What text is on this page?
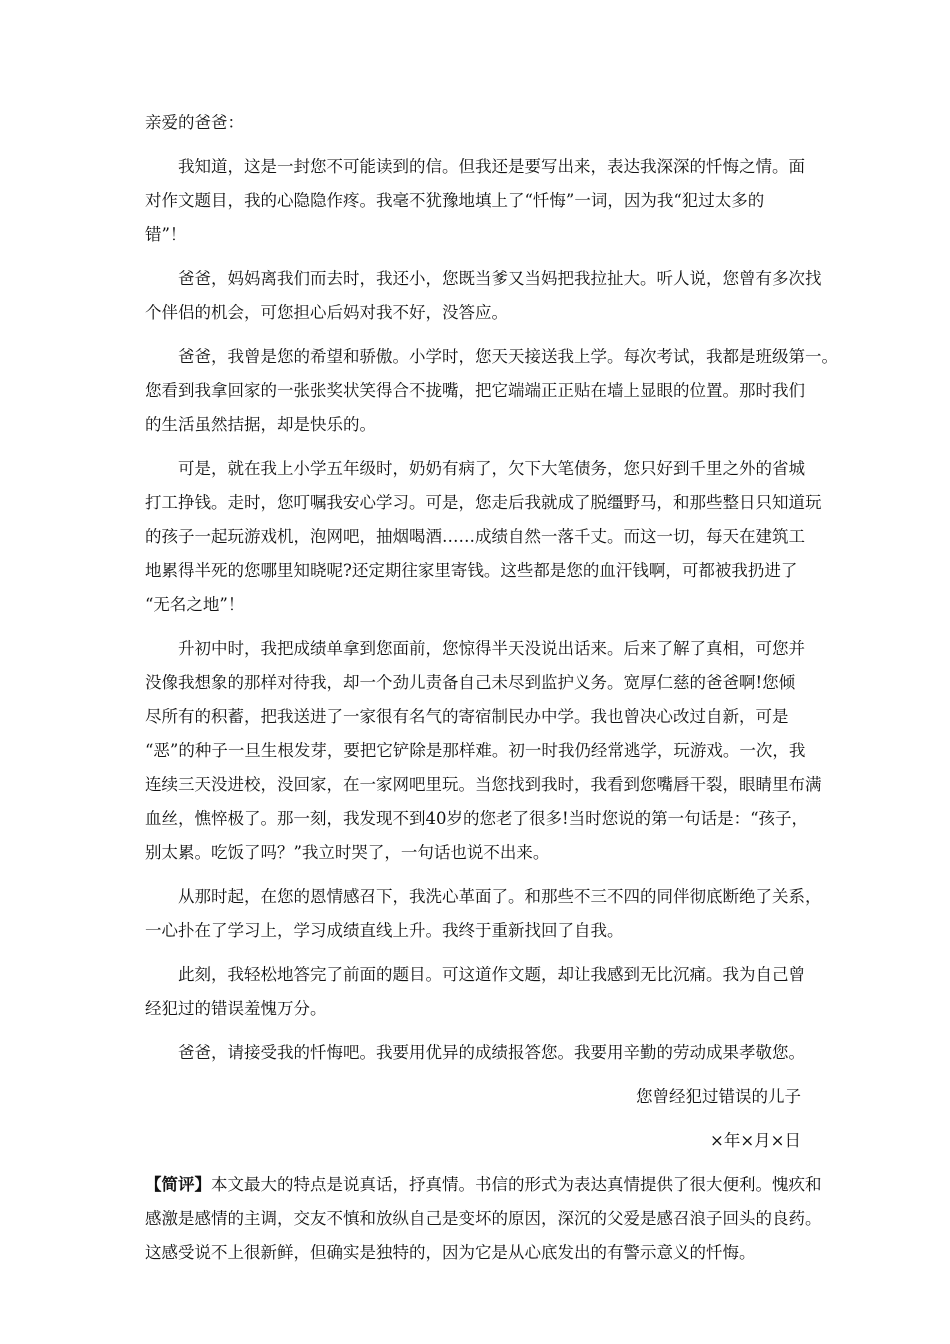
亲爱的爸爸：
　　我知道，这是一封您不可能读到的信。但我还是要写出来，表达我深深的忏悔之情。面
对作文题目，我的心隐隐作疼。我毫不犹豫地填上了“忏悔”一词，因为我“犯过太多的
错”！
　　爸爸，妈妈离我们而去时，我还小，您既当爹又当妈把我拉扯大。听人说，您曾有多次找
个伴侣的机会，可您担心后妈对我不好，没答应。
　　爸爸，我曾是您的希望和骄傲。小学时，您天天接送我上学。每次考试，我都是班级第一。
您看到我拿回家的一张张奖状笑得合不拢嘴，把它端端正正贴在墙上显眼的位置。那时我们
的生活虽然拮据，却是快乐的。
　　可是，就在我上小学五年级时，奶奶有病了，欠下大笔债务，您只好到千里之外的省城
打工挣钱。走时，您叮嘱我安心学习。可是，您走后我就成了脱缰野马，和那些整日只知道玩
的孩子一起玩游戏机，泡网吧，抽烟喝酒……成绩自然一落千丈。而这一切，每天在建筑工
地累得半死的您哪里知晓呢?还定期往家里寄钱。这些都是您的血汗钱啊，可都被我扔进了
“无名之地”！
　　升初中时，我把成绩单拿到您面前，您惊得半天没说出话来。后来了解了真相，可您并
没像我想象的那样对待我，却一个劲儿责备自己未尽到监护义务。宽厚仁慈的爸爸啊!您倾
尽所有的积蓄，把我送进了一家很有名气的寄宿制民办中学。我也曾决心改过自新，可是
“恶”的种子一旦生根发芽，要把它铲除是那样难。初一时我仍经常逃学，玩游戏。一次，我
连续三天没进校，没回家，在一家网吧里玩。当您找到我时，我看到您嘴唇干裂，眼睛里布满
血丝，憔悴极了。那一刻，我发现不到40岁的您老了很多!当时您说的第一句话是：“孩子，
别太累。吃饭了吗？”我立时哭了，一句话也说不出来。
　　从那时起，在您的恩情感召下，我洗心革面了。和那些不三不四的同伴彻底断绝了关系，
一心扑在了学习上，学习成绩直线上升。我终于重新找回了自我。
　　此刻，我轻松地答完了前面的题目。可这道作文题，却让我感到无比沉痛。我为自己曾
经犯过的错误羞愧万分。
　　爸爸，请接受我的忏悔吧。我要用优异的成绩报答您。我要用辛勤的劳动成果孝敬您。
您曾经犯过错误的儿子
×年×月×日
【简评】本文最大的特点是说真话，抒真情。书信的形式为表达真情提供了很大便利。愧疚和
感激是感情的主调，交友不慎和放纵自己是变坏的原因，深沉的父爱是感召浪子回头的良药。
这感受说不上很新鲜，但确实是独特的，因为它是从心底发出的有警示意义的忏悔。
